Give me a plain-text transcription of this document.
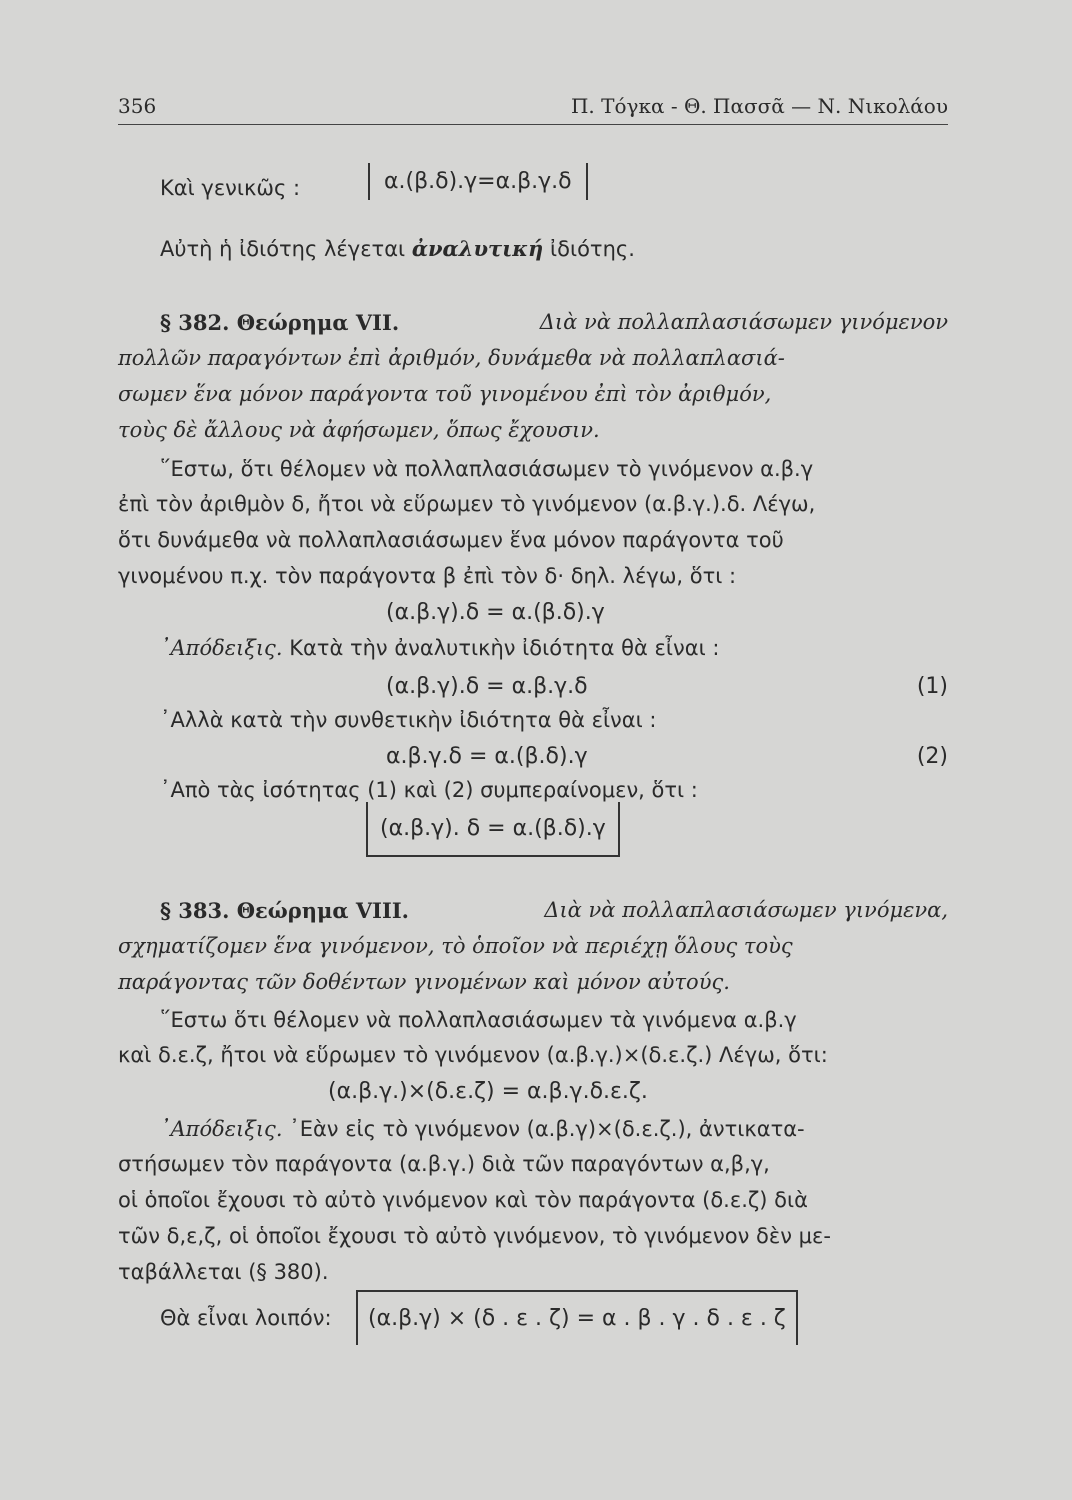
356	Π. Τόγκα - Θ. Πασσᾶ — Ν. Νικολάου
Καὶ γενικῶς :	α.(β.δ).γ=α.β.γ.δ
Αὐτὴ ἡ ἰδιότης λέγεται ἀναλυτική ἰδιότης.
§ 382. Θεώρημα VII.	Διὰ νὰ πολλαπλασιάσωμεν γινόμενον
πολλῶν παραγόντων ἐπὶ ἀριθμόν, δυνάμεθα νὰ πολλαπλασιά-
σωμεν ἕνα μόνον παράγοντα τοῦ γινομένου ἐπὶ τὸν ἀριθμόν,
τοὺς δὲ ἄλλους νὰ ἀφήσωμεν, ὅπως ἔχουσιν.
῞Εστω, ὅτι θέλομεν νὰ πολλαπλασιάσωμεν τὸ γινόμενον α.β.γ
ἐπὶ τὸν ἀριθμὸν δ, ἤτοι νὰ εὕρωμεν τὸ γινόμενον (α.β.γ.).δ. Λέγω,
ὅτι δυνάμεθα νὰ πολλαπλασιάσωμεν ἕνα μόνον παράγοντα τοῦ
γινομένου π.χ. τὸν παράγοντα β ἐπὶ τὸν δ· δηλ. λέγω, ὅτι :
(α.β.γ).δ = α.(β.δ).γ
᾿Απόδειξις. Κατὰ τὴν ἀναλυτικὴν ἰδιότητα θὰ εἶναι :
(α.β.γ).δ = α.β.γ.δ	(1)
᾿Αλλὰ κατὰ τὴν συνθετικὴν ἰδιότητα θὰ εἶναι :
α.β.γ.δ = α.(β.δ).γ	(2)
᾿Απὸ τὰς ἰσότητας (1) καὶ (2) συμπεραίνομεν, ὅτι :
(α.β.γ). δ = α.(β.δ).γ
§ 383. Θεώρημα VIII.	Διὰ νὰ πολλαπλασιάσωμεν γινόμενα,
σχηματίζομεν ἕνα γινόμενον, τὸ ὁποῖον νὰ περιέχῃ ὅλους τοὺς
παράγοντας τῶν δοθέντων γινομένων καὶ μόνον αὐτούς.
῞Εστω ὅτι θέλομεν νὰ πολλαπλασιάσωμεν τὰ γινόμενα α.β.γ
καὶ δ.ε.ζ, ἤτοι νὰ εὕρωμεν τὸ γινόμενον (α.β.γ.)×(δ.ε.ζ.) Λέγω, ὅτι:
(α.β.γ.)×(δ.ε.ζ) = α.β.γ.δ.ε.ζ.
᾿Απόδειξις. ᾿Εὰν εἰς τὸ γινόμενον (α.β.γ)×(δ.ε.ζ.), ἀντικατα-
στήσωμεν τὸν παράγοντα (α.β.γ.) διὰ τῶν παραγόντων α,β,γ,
οἱ ὁποῖοι ἔχουσι τὸ αὐτὸ γινόμενον καὶ τὸν παράγοντα (δ.ε.ζ) διὰ
τῶν δ,ε,ζ, οἱ ὁποῖοι ἔχουσι τὸ αὐτὸ γινόμενον, τὸ γινόμενον δὲν με-
ταβάλλεται (§ 380).
Θὰ εἶναι λοιπόν:	(α.β.γ) × (δ . ε . ζ) = α . β . γ . δ . ε . ζ
